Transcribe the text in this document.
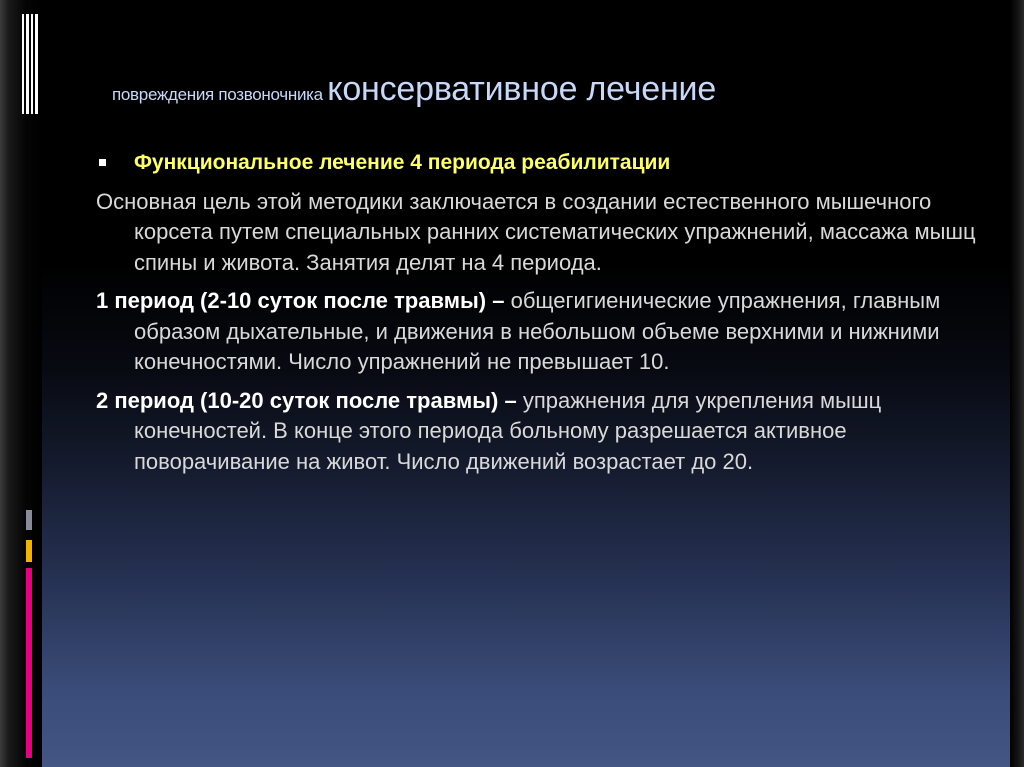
повреждения позвоночника консервативное лечение
Функциональное лечение 4 периода реабилитации
Основная цель этой методики заключается в создании естественного мышечного корсета путем специальных ранних систематических упражнений, массажа мышц спины и живота. Занятия делят на 4 периода.
1 период (2-10 суток после травмы) – общегигиенические упражнения, главным образом дыхательные, и движения в небольшом объеме верхними и нижними конечностями. Число упражнений не превышает 10.
2 период (10-20 суток после травмы) – упражнения для укрепления мышц конечностей. В конце этого периода больному разрешается активное поворачивание на живот. Число движений возрастает до 20.
